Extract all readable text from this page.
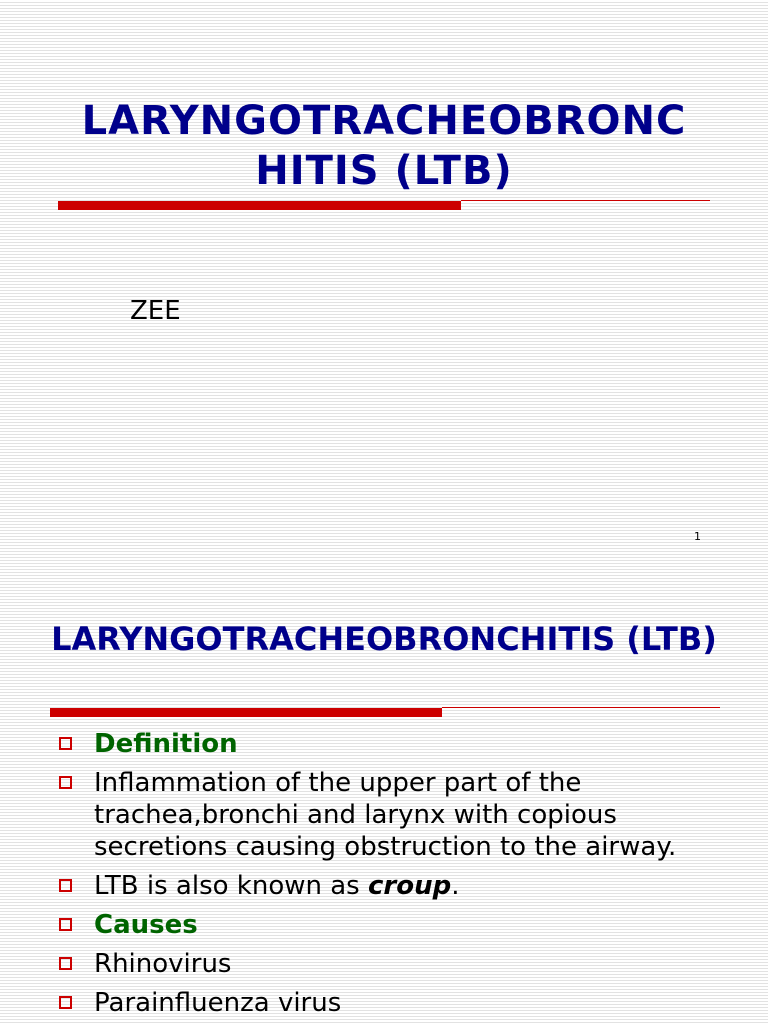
LARYNGOTRACHEOBRONC HITIS (LTB)
ZEE
1
LARYNGOTRACHEOBRONCHITIS (LTB)
Definition
Inflammation of the upper part of the trachea,bronchi and larynx with copious secretions causing obstruction to the airway.
LTB is also known as croup.
Causes
Rhinovirus
Parainfluenza virus
